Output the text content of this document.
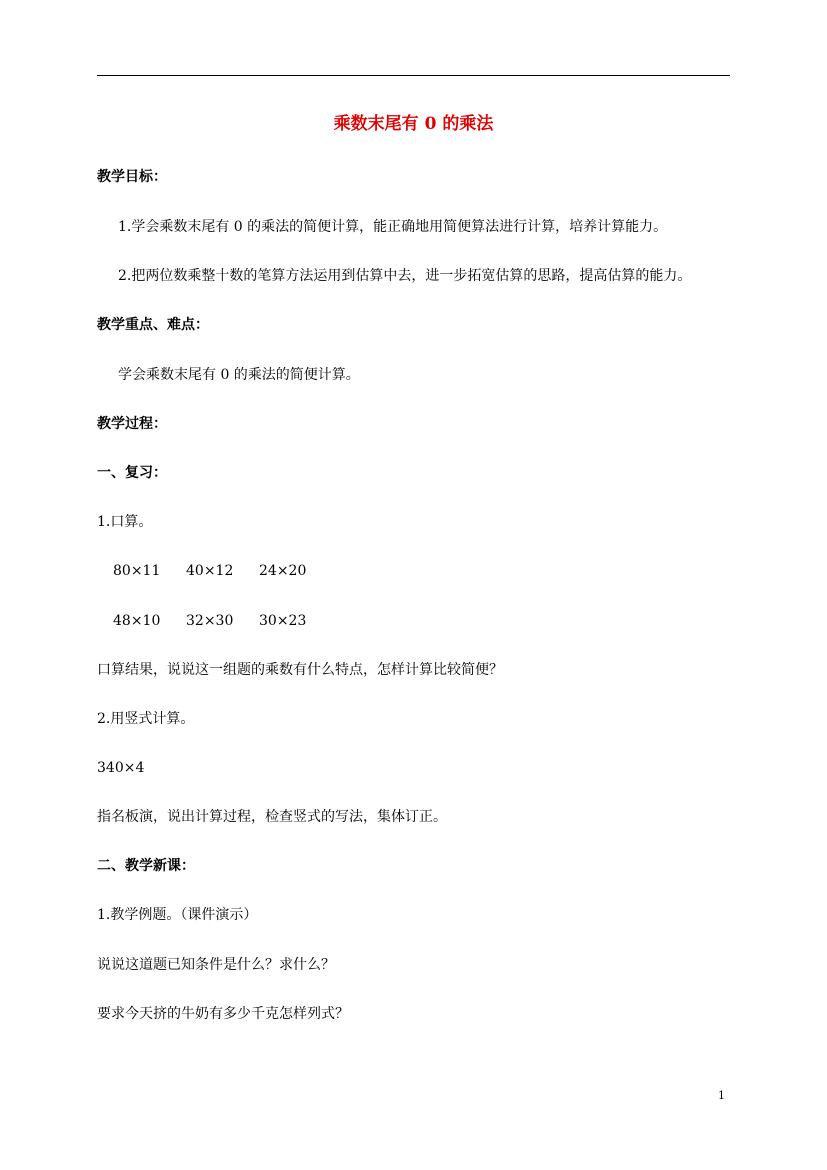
乘数末尾有 0 的乘法
教学目标：
1.学会乘数末尾有 0 的乘法的简便计算，能正确地用简便算法进行计算，培养计算能力。
2.把两位数乘整十数的笔算方法运用到估算中去，进一步拓宽估算的思路，提高估算的能力。
教学重点、难点：
学会乘数末尾有 0 的乘法的简便计算。
教学过程：
一、复习：
1.口算。
80×11 40×12 24×20
48×10 32×30 30×23
口算结果，说说这一组题的乘数有什么特点，怎样计算比较简便？
2.用竖式计算。
340×4
指名板演，说出计算过程，检查竖式的写法，集体订正。
二、教学新课：
1.教学例题。（课件演示）
说说这道题已知条件是什么？求什么？
要求今天挤的牛奶有多少千克怎样列式？
1
